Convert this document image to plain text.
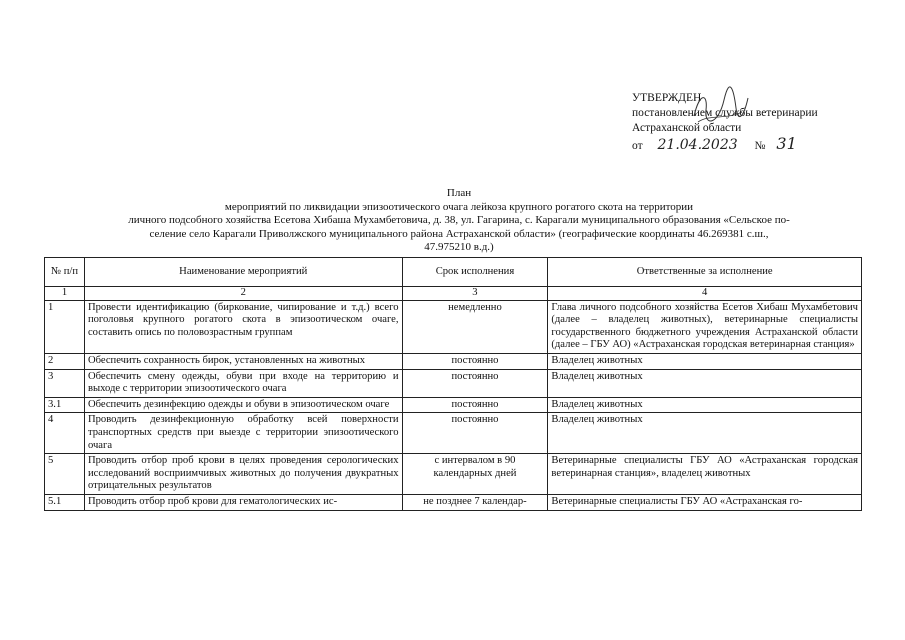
УТВЕРЖДЕН
постановлением службы ветеринарии
Астраханской области
от 21.04.2023 № 31
План
мероприятий по ликвидации эпизоотического очага лейкоза крупного рогатого скота на территории
личного подсобного хозяйства Есетова Хибаша Мухамбетовича, д. 38, ул. Гагарина, с. Карагали муниципального образования «Сельское по-
селение село Карагали Приволжского муниципального района Астраханской области» (географические координаты 46.269381 с.ш.,
47.975210 в.д.)
№ п/п	Наименование мероприятий	Срок исполнения	Ответственные за исполнение
1	2	3	4
1	Провести идентификацию (биркование, чипирование и т.д.) всего поголовья крупного рогатого скота в эпизоотическом очаге, составить опись по половозрастным группам	немедленно	Глава личного подсобного хозяйства Есетов Хибаш Мухамбетович (далее – владелец животных), ветеринарные специалисты государственного бюджетного учреждения Астраханской области (далее – ГБУ АО) «Астраханская городская ветеринарная станция»
2	Обеспечить сохранность бирок, установленных на животных	постоянно	Владелец животных
3	Обеспечить смену одежды, обуви при входе на территорию и выходе с территории эпизоотического очага	постоянно	Владелец животных
3.1	Обеспечить дезинфекцию одежды и обуви в эпизоотическом очаге	постоянно	Владелец животных
4	Проводить дезинфекционную обработку всей поверхности транспортных средств при выезде с территории эпизоотического очага	постоянно	Владелец животных
5	Проводить отбор проб крови в целях проведения серологических исследований восприимчивых животных до получения двукратных отрицательных результатов	с интервалом в 90 календарных дней	Ветеринарные специалисты ГБУ АО «Астраханская городская ветеринарная станция», владелец животных
5.1	Проводить отбор проб крови для гематологических ис-	не позднее 7 календар-	Ветеринарные специалисты ГБУ АО «Астраханская го-
